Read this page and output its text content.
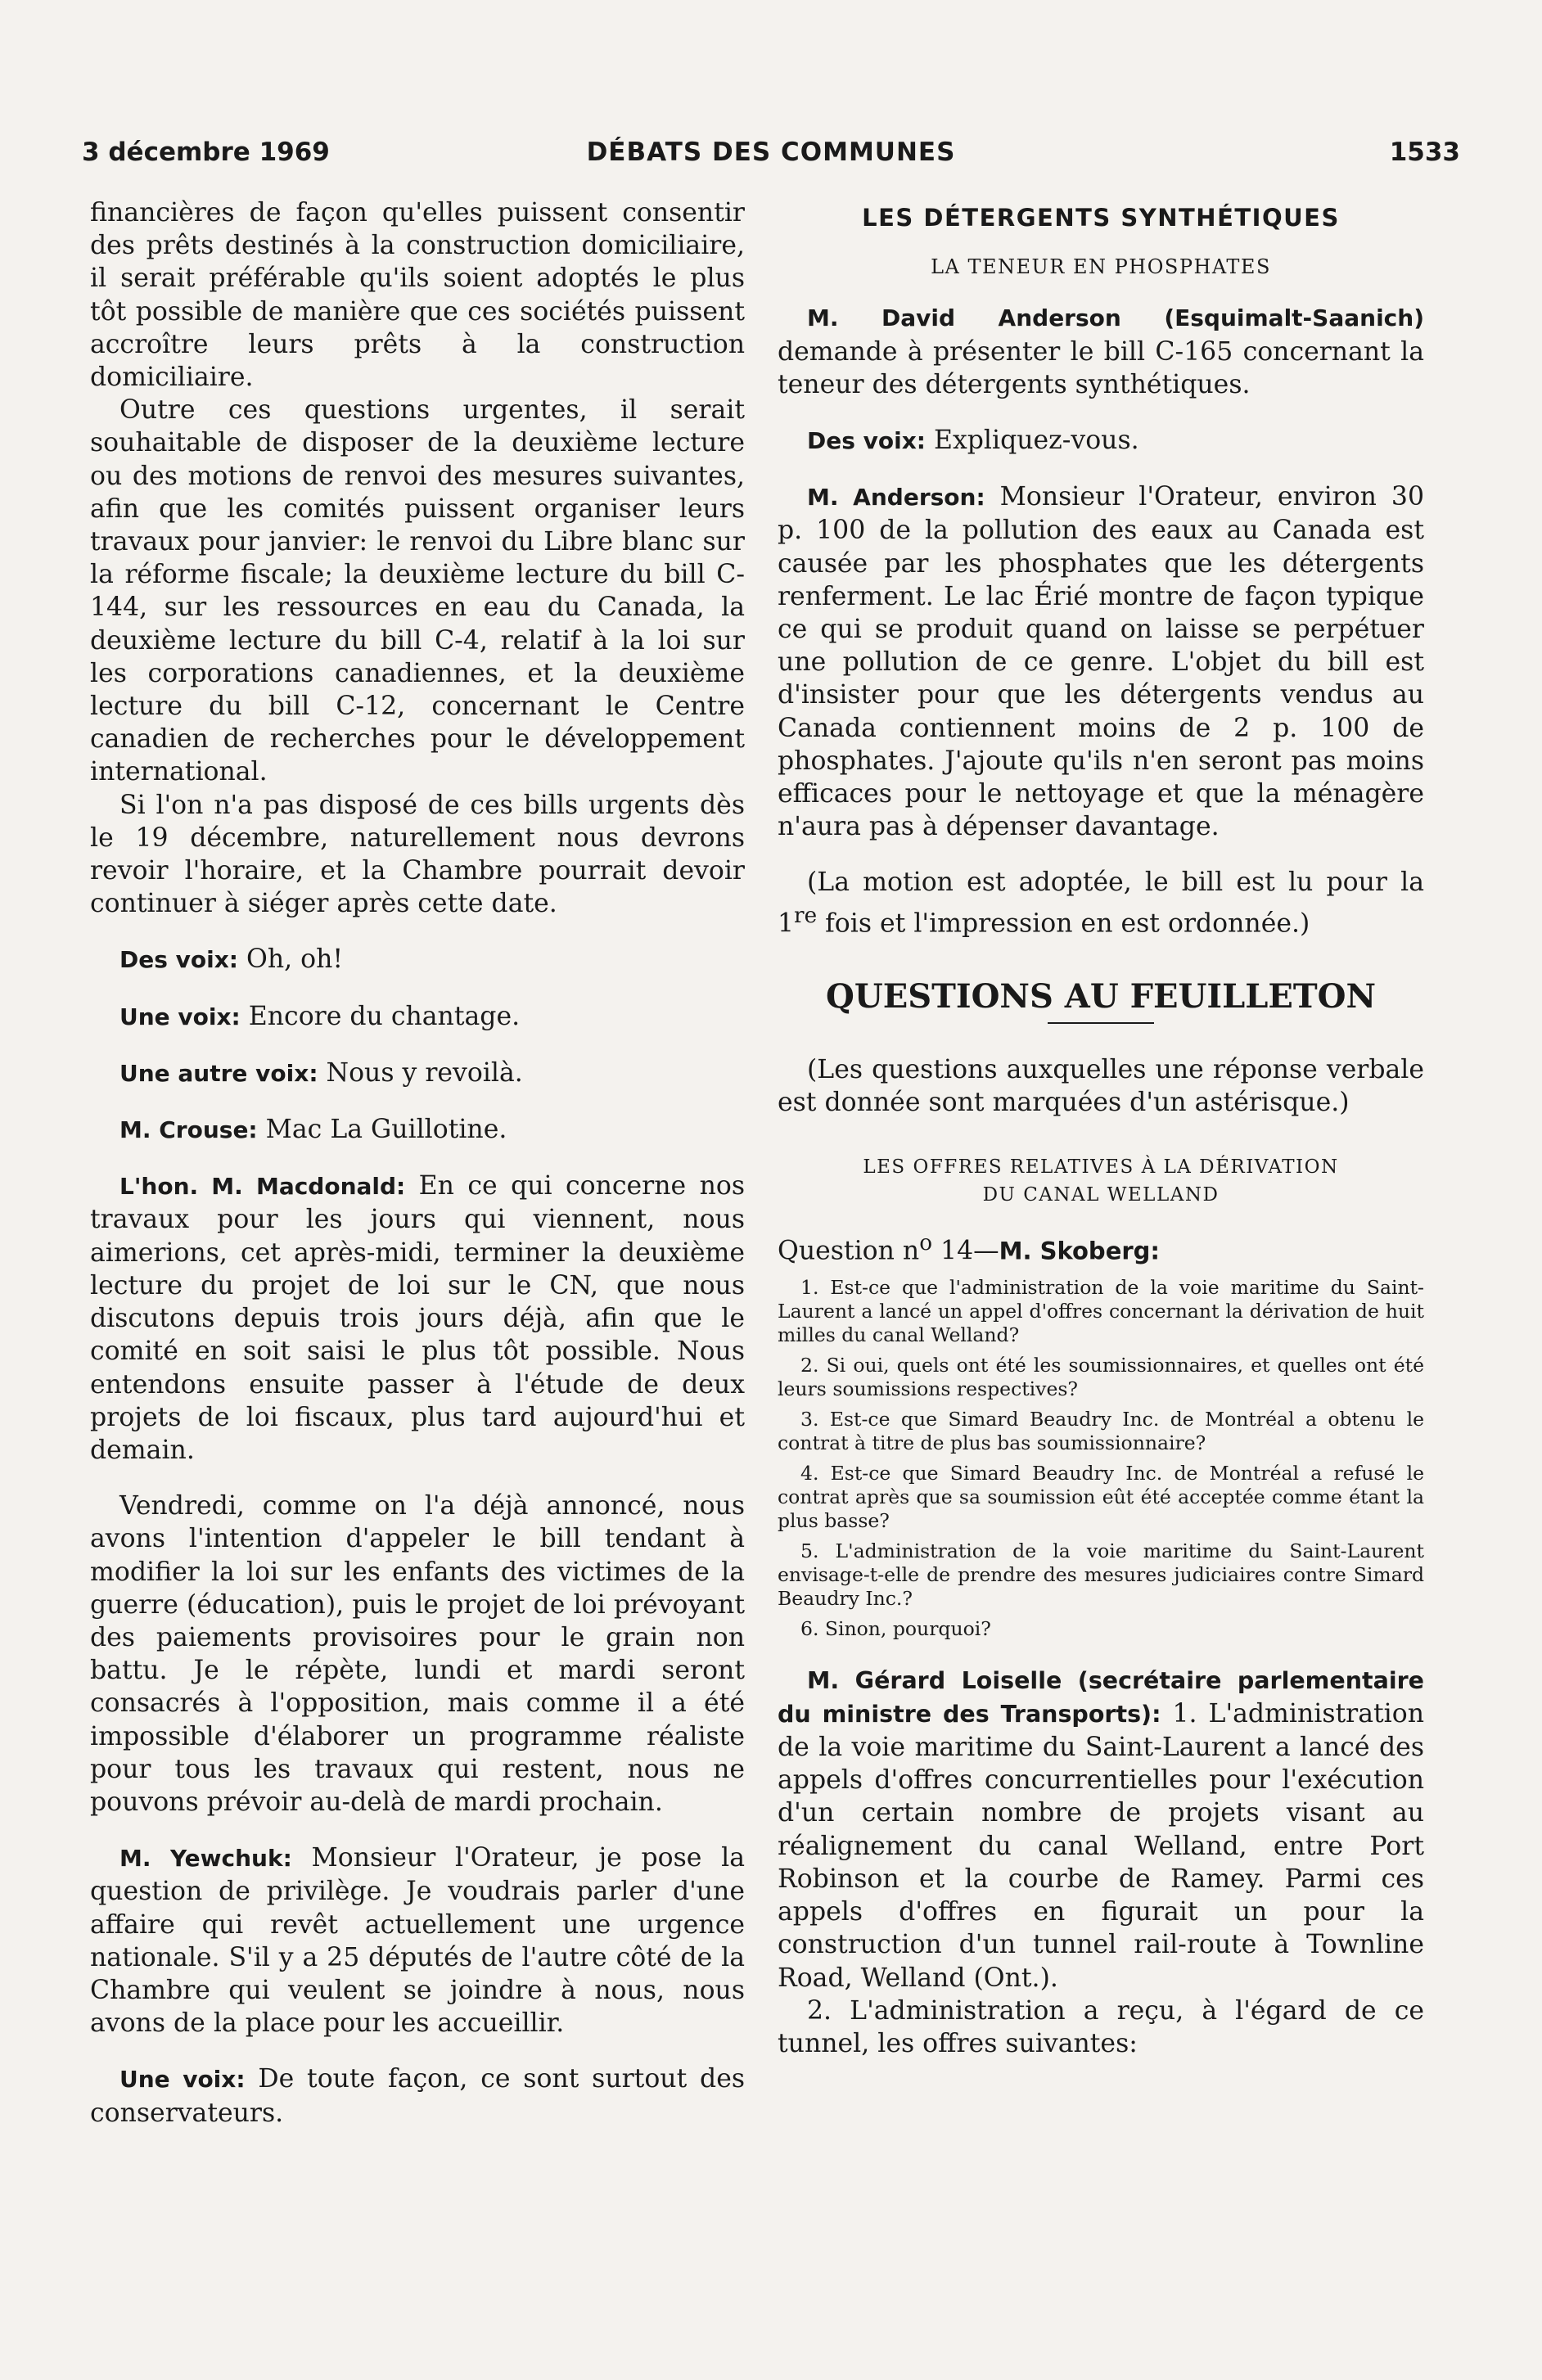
3 décembre 1969	DÉBATS DES COMMUNES	1533

financières de façon qu'elles puissent consentir des prêts destinés à la construction domiciliaire, il serait préférable qu'ils soient adoptés le plus tôt possible de manière que ces sociétés puissent accroître leurs prêts à la construction domiciliaire.

Outre ces questions urgentes, il serait souhaitable de disposer de la deuxième lecture ou des motions de renvoi des mesures suivantes, afin que les comités puissent organiser leurs travaux pour janvier: le renvoi du Libre blanc sur la réforme fiscale; la deuxième lecture du bill C-144, sur les ressources en eau du Canada, la deuxième lecture du bill C-4, relatif à la loi sur les corporations canadiennes, et la deuxième lecture du bill C-12, concernant le Centre canadien de recherches pour le développement international.

Si l'on n'a pas disposé de ces bills urgents dès le 19 décembre, naturellement nous devrons revoir l'horaire, et la Chambre pourrait devoir continuer à siéger après cette date.

Des voix: Oh, oh!

Une voix: Encore du chantage.

Une autre voix: Nous y revoilà.

M. Crouse: Mac La Guillotine.

L'hon. M. Macdonald: En ce qui concerne nos travaux pour les jours qui viennent, nous aimerions, cet après-midi, terminer la deuxième lecture du projet de loi sur le CN, que nous discutons depuis trois jours déjà, afin que le comité en soit saisi le plus tôt possible. Nous entendons ensuite passer à l'étude de deux projets de loi fiscaux, plus tard aujourd'hui et demain.

Vendredi, comme on l'a déjà annoncé, nous avons l'intention d'appeler le bill tendant à modifier la loi sur les enfants des victimes de la guerre (éducation), puis le projet de loi prévoyant des paiements provisoires pour le grain non battu. Je le répète, lundi et mardi seront consacrés à l'opposition, mais comme il a été impossible d'élaborer un programme réaliste pour tous les travaux qui restent, nous ne pouvons prévoir au-delà de mardi prochain.

M. Yewchuk: Monsieur l'Orateur, je pose la question de privilège. Je voudrais parler d'une affaire qui revêt actuellement une urgence nationale. S'il y a 25 députés de l'autre côté de la Chambre qui veulent se joindre à nous, nous avons de la place pour les accueillir.

Une voix: De toute façon, ce sont surtout des conservateurs.

LES DÉTERGENTS SYNTHÉTIQUES
LA TENEUR EN PHOSPHATES

M. David Anderson (Esquimalt-Saanich) demande à présenter le bill C-165 concernant la teneur des détergents synthétiques.

Des voix: Expliquez-vous.

M. Anderson: Monsieur l'Orateur, environ 30 p. 100 de la pollution des eaux au Canada est causée par les phosphates que les détergents renferment. Le lac Érié montre de façon typique ce qui se produit quand on laisse se perpétuer une pollution de ce genre. L'objet du bill est d'insister pour que les détergents vendus au Canada contiennent moins de 2 p. 100 de phosphates. J'ajoute qu'ils n'en seront pas moins efficaces pour le nettoyage et que la ménagère n'aura pas à dépenser davantage.

(La motion est adoptée, le bill est lu pour la 1re fois et l'impression en est ordonnée.)

QUESTIONS AU FEUILLETON

(Les questions auxquelles une réponse verbale est donnée sont marquées d'un astérisque.)

LES OFFRES RELATIVES À LA DÉRIVATION
DU CANAL WELLAND

Question $n^o$ 14—M. Skoberg:

1. Est-ce que l'administration de la voie maritime du Saint-Laurent a lancé un appel d'offres concernant la dérivation de huit milles du canal Welland?

2. Si oui, quels ont été les soumissionnaires, et quelles ont été leurs soumissions respectives?

3. Est-ce que Simard Beaudry Inc. de Montréal a obtenu le contrat à titre de plus bas soumissionnaire?

4. Est-ce que Simard Beaudry Inc. de Montréal a refusé le contrat après que sa soumission eût été acceptée comme étant la plus basse?

5. L'administration de la voie maritime du Saint-Laurent envisage-t-elle de prendre des mesures judiciaires contre Simard Beaudry Inc.?

6. Sinon, pourquoi?

M. Gérard Loiselle (secrétaire parlementaire du ministre des Transports): 1. L'administration de la voie maritime du Saint-Laurent a lancé des appels d'offres concurrentielles pour l'exécution d'un certain nombre de projets visant au réalignement du canal Welland, entre Port Robinson et la courbe de Ramey. Parmi ces appels d'offres en figurait un pour la construction d'un tunnel rail-route à Townline Road, Welland (Ont.).

2. L'administration a reçu, à l'égard de ce tunnel, les offres suivantes:
